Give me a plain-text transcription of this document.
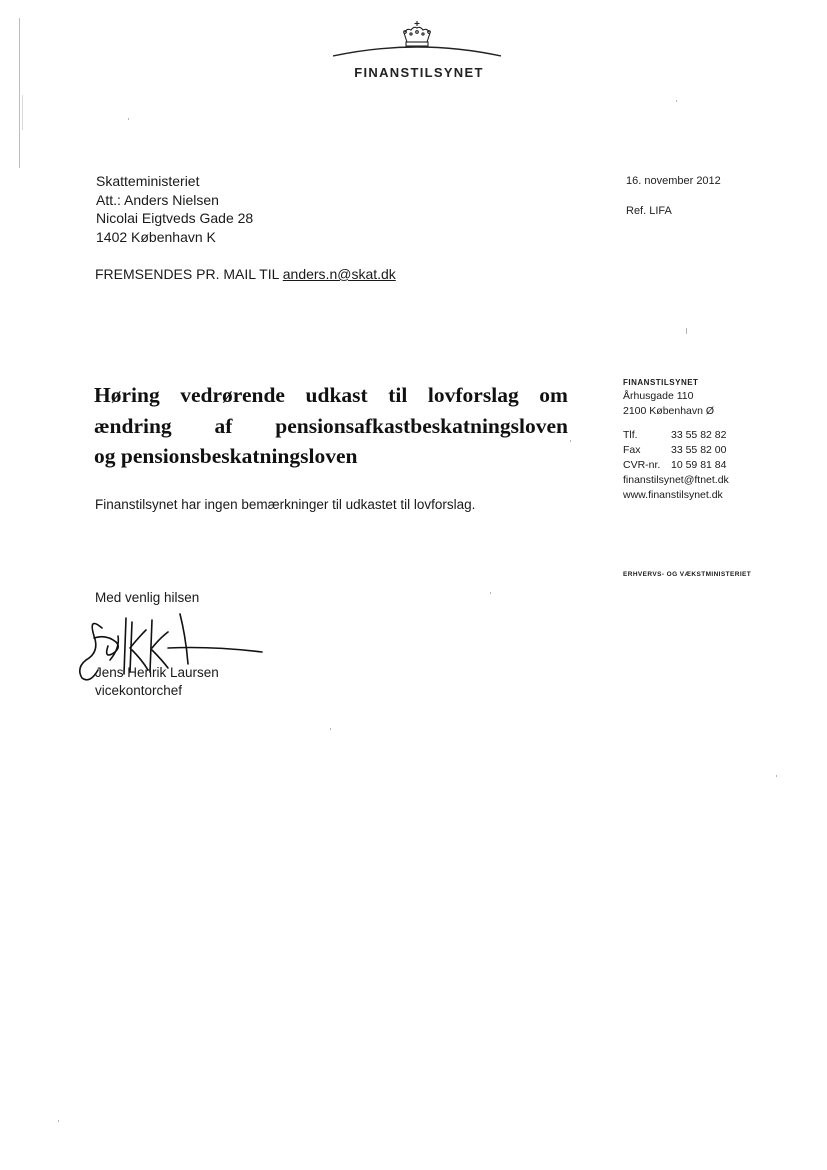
FINANSTILSYNET
Skatteministeriet
Att.: Anders Nielsen
Nicolai Eigtveds Gade 28
1402 København K
16. november 2012
Ref. LIFA
FREMSENDES PR. MAIL TIL anders.n@skat.dk
Høring vedrørende udkast til lovforslag om
ændring af pensionsafkastbeskatningsloven
og pensionsbeskatningsloven
Finanstilsynet har ingen bemærkninger til udkastet til lovforslag.
FINANSTILSYNET
Århusgade 110
2100 København Ø
Tlf.	33 55 82 82
Fax	33 55 82 00
CVR-nr.	10 59 81 84
finanstilsynet@ftnet.dk
www.finanstilsynet.dk
ERHVERVS- OG VÆKSTMINISTERIET
Med venlig hilsen
Jens Henrik Laursen
vicekontorchef
